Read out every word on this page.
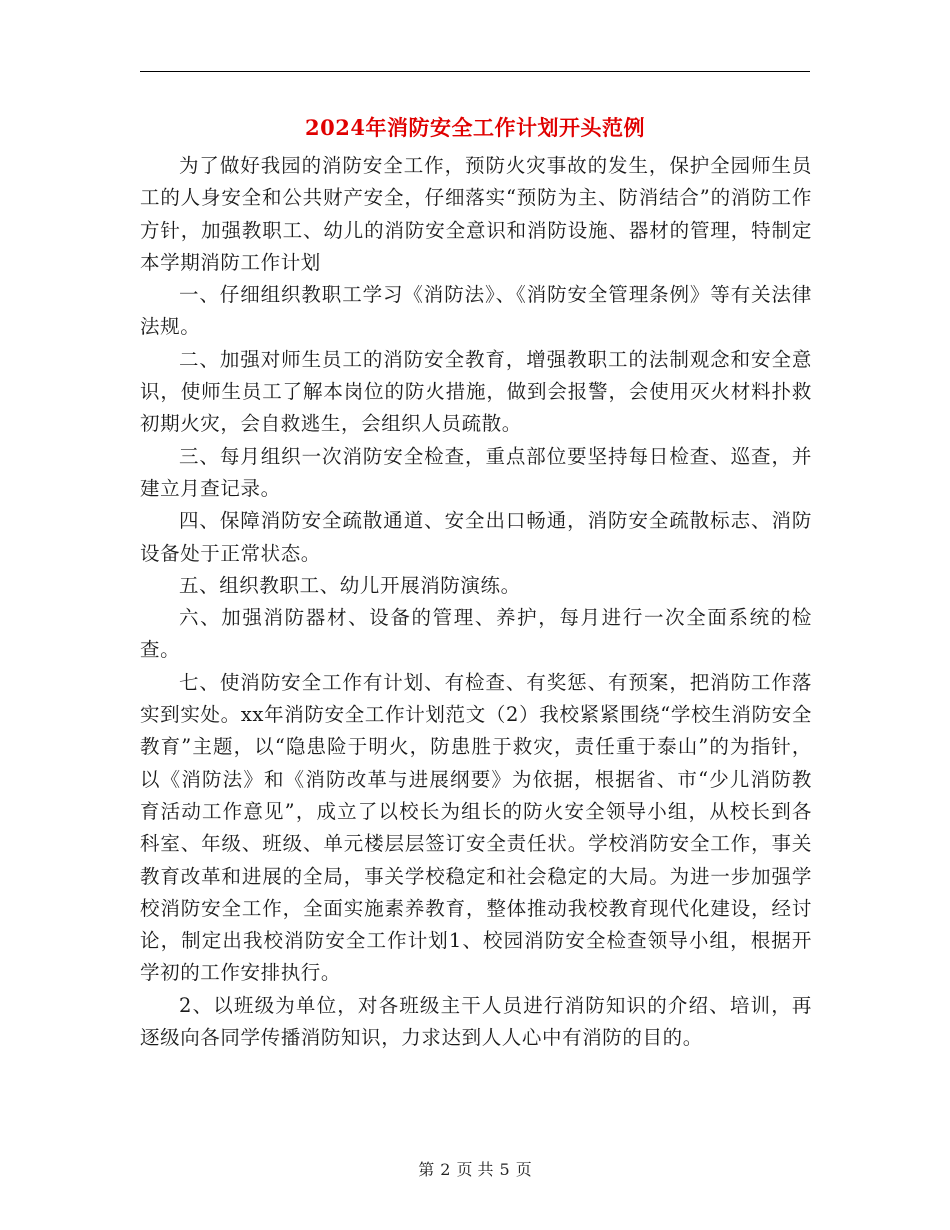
2024年消防安全工作计划开头范例

为了做好我园的消防安全工作，预防火灾事故的发生，保护全园师生员工的人身安全和公共财产安全，仔细落实“预防为主、防消结合”的消防工作方针，加强教职工、幼儿的消防安全意识和消防设施、器材的管理，特制定本学期消防工作计划

一、仔细组织教职工学习《消防法》、《消防安全管理条例》等有关法律法规。

二、加强对师生员工的消防安全教育，增强教职工的法制观念和安全意识，使师生员工了解本岗位的防火措施，做到会报警，会使用灭火材料扑救初期火灾，会自救逃生，会组织人员疏散。

三、每月组织一次消防安全检查，重点部位要坚持每日检查、巡查，并建立月查记录。

四、保障消防安全疏散通道、安全出口畅通，消防安全疏散标志、消防设备处于正常状态。

五、组织教职工、幼儿开展消防演练。

六、加强消防器材、设备的管理、养护，每月进行一次全面系统的检查。

七、使消防安全工作有计划、有检查、有奖惩、有预案，把消防工作落实到实处。xx年消防安全工作计划范文（2）我校紧紧围绕“学校生消防安全教育”主题，以“隐患险于明火，防患胜于救灾，责任重于泰山”的为指针，以《消防法》和《消防改革与进展纲要》为依据，根据省、市“少儿消防教育活动工作意见”，成立了以校长为组长的防火安全领导小组，从校长到各科室、年级、班级、单元楼层层签订安全责任状。学校消防安全工作，事关教育改革和进展的全局，事关学校稳定和社会稳定的大局。为进一步加强学校消防安全工作，全面实施素养教育，整体推动我校教育现代化建设，经讨论，制定出我校消防安全工作计划1、校园消防安全检查领导小组，根据开学初的工作安排执行。

2、以班级为单位，对各班级主干人员进行消防知识的介绍、培训，再逐级向各同学传播消防知识，力求达到人人心中有消防的目的。

第 2 页 共 5 页
